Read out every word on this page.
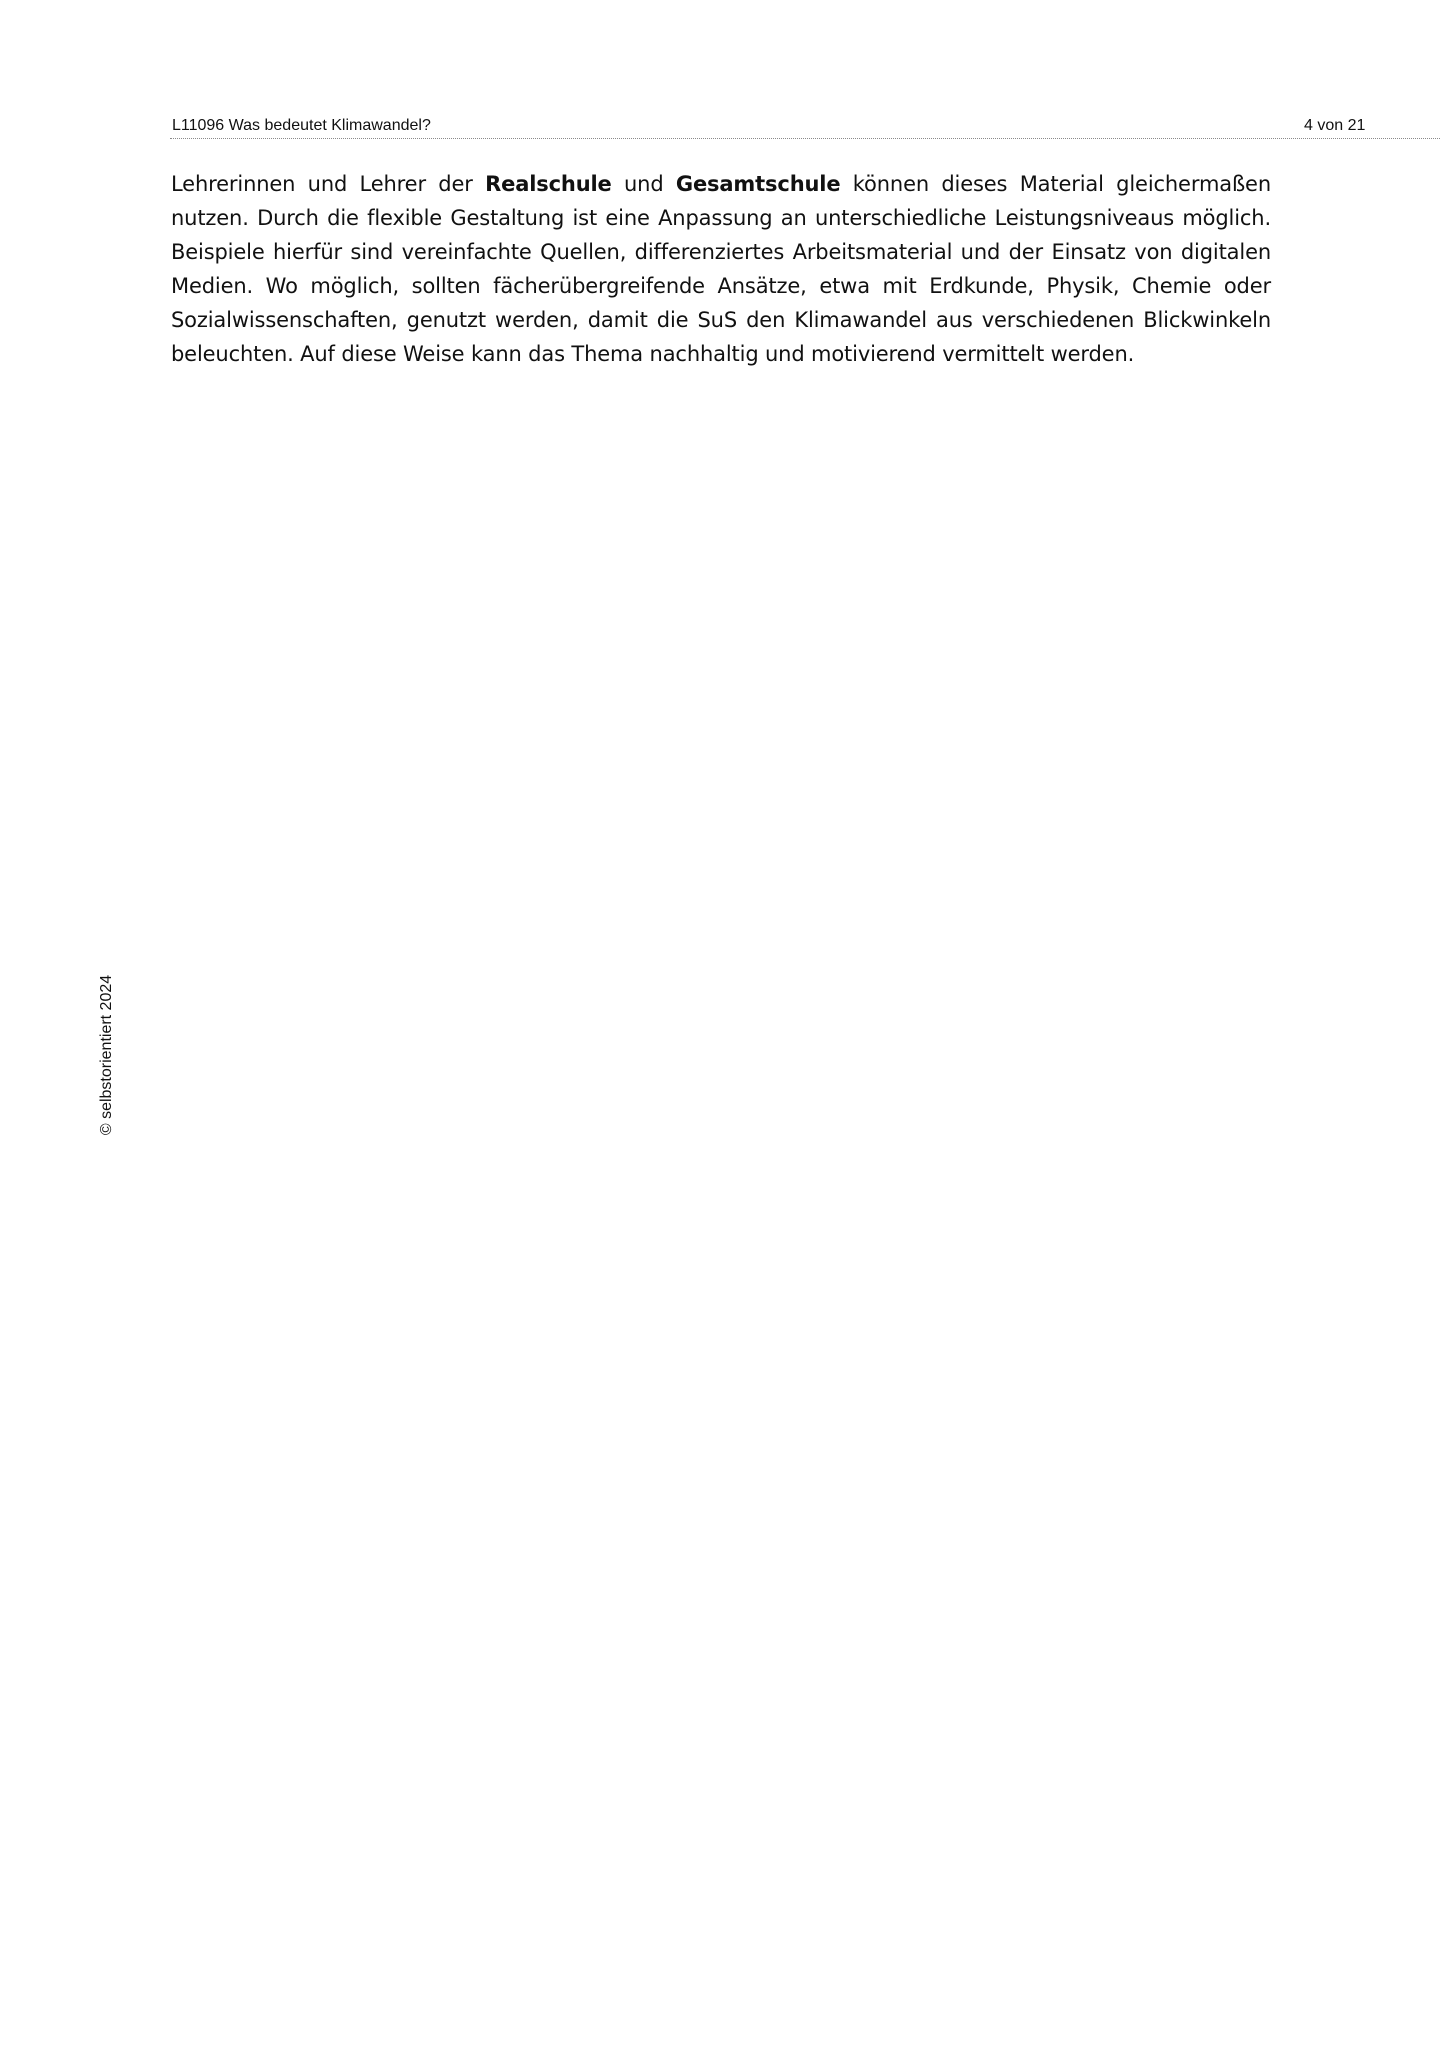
L11096 Was bedeutet Klimawandel?	4 von 21

Lehrerinnen und Lehrer der Realschule und Gesamtschule können dieses Material gleichermaßen nutzen. Durch die flexible Gestaltung ist eine Anpassung an unterschiedliche Leistungsniveaus möglich. Beispiele hierfür sind vereinfachte Quellen, differenziertes Arbeitsmaterial und der Einsatz von digitalen Medien. Wo möglich, sollten fächerübergreifende Ansätze, etwa mit Erdkunde, Physik, Chemie oder Sozialwissenschaften, genutzt werden, damit die SuS den Klimawandel aus verschiedenen Blickwinkeln beleuchten. Auf diese Weise kann das Thema nachhaltig und motivierend vermittelt werden.

© selbstorientiert 2024
